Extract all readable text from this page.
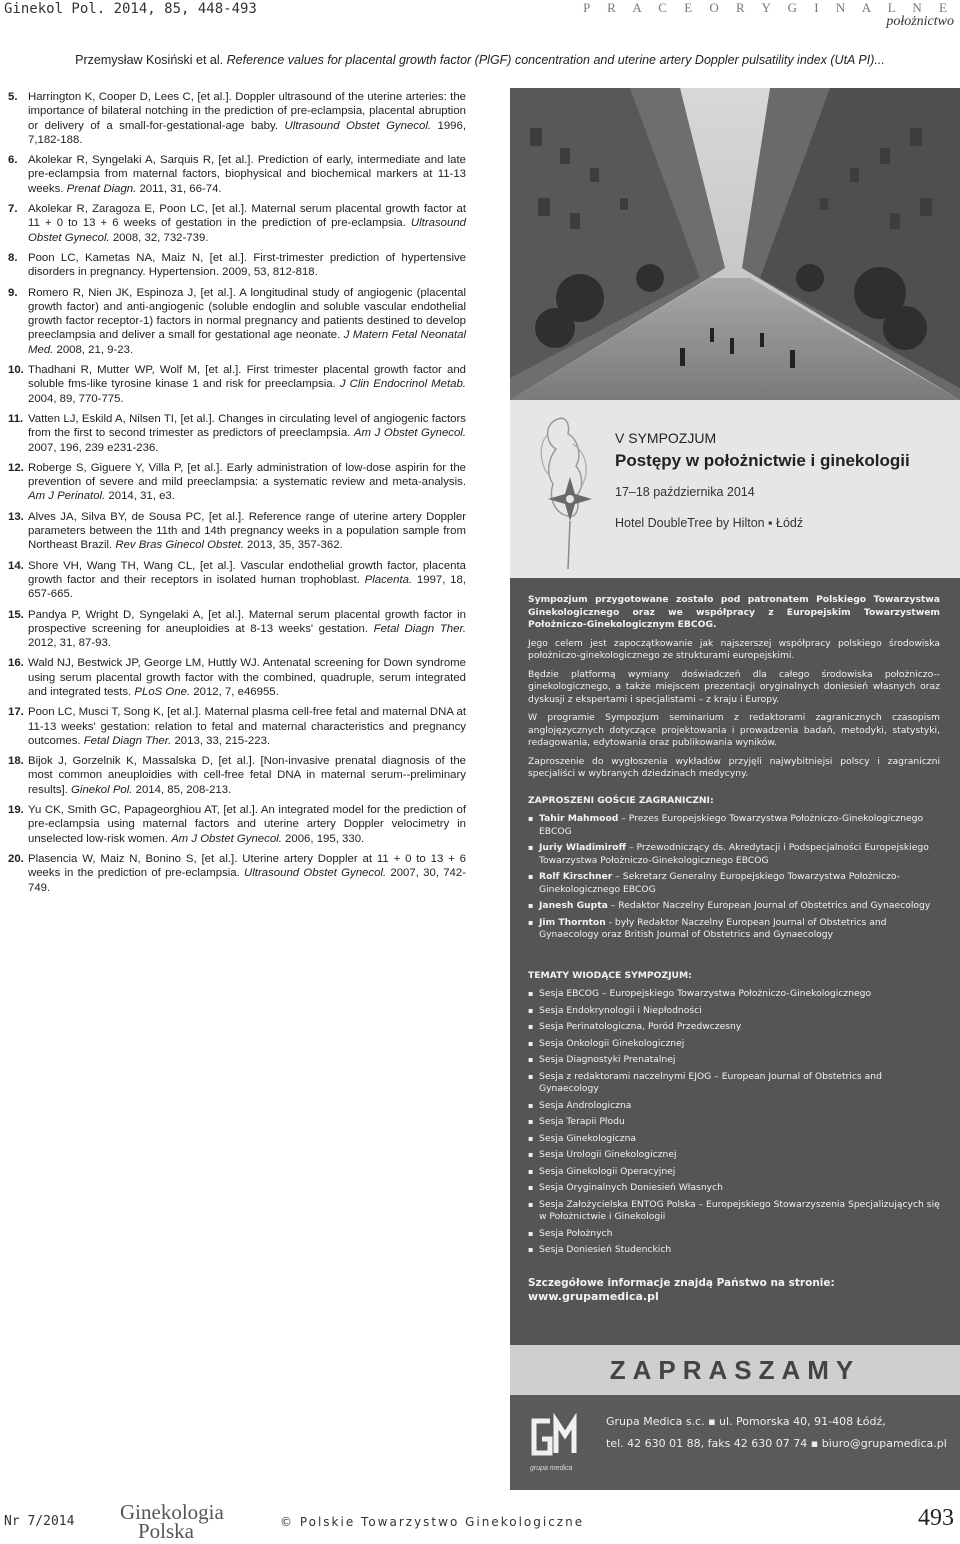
Ginekol Pol. 2014, 85, 448-493	P R A C E O R Y G I N A L N E
położnictwo
Przemysław Kosiński et al. Reference values for placental growth factor (PlGF) concentration and uterine artery Doppler pulsatility index (UtA PI)...
5. Harrington K, Cooper D, Lees C, [et al.]. Doppler ultrasound of the uterine arteries: the importance of bilateral notching in the prediction of pre-eclampsia, placental abruption or delivery of a small-for-gestational-age baby. Ultrasound Obstet Gynecol. 1996, 7,182-188.
6. Akolekar R, Syngelaki A, Sarquis R, [et al.]. Prediction of early, intermediate and late pre-eclampsia from maternal factors, biophysical and biochemical markers at 11-13 weeks. Prenat Diagn. 2011, 31, 66-74.
7. Akolekar R, Zaragoza E, Poon LC, [et al.]. Maternal serum placental growth factor at 11 + 0 to 13 + 6 weeks of gestation in the prediction of pre-eclampsia. Ultrasound Obstet Gynecol. 2008, 32, 732-739.
8. Poon LC, Kametas NA, Maiz N, [et al.]. First-trimester prediction of hypertensive disorders in pregnancy. Hypertension. 2009, 53, 812-818.
9. Romero R, Nien JK, Espinoza J, [et al.]. A longitudinal study of angiogenic (placental growth factor) and anti-angiogenic (soluble endoglin and soluble vascular endothelial growth factor receptor-1) factors in normal pregnancy and patients destined to develop preeclampsia and deliver a small for gestational age neonate. J Matern Fetal Neonatal Med. 2008, 21, 9-23.
10. Thadhani R, Mutter WP, Wolf M, [et al.]. First trimester placental growth factor and soluble fms-like tyrosine kinase 1 and risk for preeclampsia. J Clin Endocrinol Metab. 2004, 89, 770-775.
11. Vatten LJ, Eskild A, Nilsen TI, [et al.]. Changes in circulating level of angiogenic factors from the first to second trimester as predictors of preeclampsia. Am J Obstet Gynecol. 2007, 196, 239 e231-236.
12. Roberge S, Giguere Y, Villa P, [et al.]. Early administration of low-dose aspirin for the prevention of severe and mild preeclampsia: a systematic review and meta-analysis. Am J Perinatol. 2014, 31, e3.
13. Alves JA, Silva BY, de Sousa PC, [et al.]. Reference range of uterine artery Doppler parameters between the 11th and 14th pregnancy weeks in a population sample from Northeast Brazil. Rev Bras Ginecol Obstet. 2013, 35, 357-362.
14. Shore VH, Wang TH, Wang CL, [et al.]. Vascular endothelial growth factor, placenta growth factor and their receptors in isolated human trophoblast. Placenta. 1997, 18, 657-665.
15. Pandya P, Wright D, Syngelaki A, [et al.]. Maternal serum placental growth factor in prospective screening for aneuploidies at 8-13 weeks' gestation. Fetal Diagn Ther. 2012, 31, 87-93.
16. Wald NJ, Bestwick JP, George LM, Huttly WJ. Antenatal screening for Down syndrome using serum placental growth factor with the combined, quadruple, serum integrated and integrated tests. PLoS One. 2012, 7, e46955.
17. Poon LC, Musci T, Song K, [et al.]. Maternal plasma cell-free fetal and maternal DNA at 11-13 weeks' gestation: relation to fetal and maternal characteristics and pregnancy outcomes. Fetal Diagn Ther. 2013, 33, 215-223.
18. Bijok J, Gorzelnik K, Massalska D, [et al.]. [Non-invasive prenatal diagnosis of the most common aneuploidies with cell-free fetal DNA in maternal serum--preliminary results]. Ginekol Pol. 2014, 85, 208-213.
19. Yu CK, Smith GC, Papageorghiou AT, [et al.]. An integrated model for the prediction of pre-eclampsia using maternal factors and uterine artery Doppler velocimetry in unselected low-risk women. Am J Obstet Gynecol. 2006, 195, 330.
20. Plasencia W, Maiz N, Bonino S, [et al.]. Uterine artery Doppler at 11 + 0 to 13 + 6 weeks in the prediction of pre-eclampsia. Ultrasound Obstet Gynecol. 2007, 30, 742-749.
V SYMPOZJUM
Postępy w położnictwie i ginekologii
17–18 października 2014
Hotel DoubleTree by Hilton ▪ Łódź

Sympozjum przygotowane zostało pod patronatem Polskiego Towarzystwa Ginekologicznego oraz we współpracy z Europejskim Towarzystwem Położniczo-Ginekologicznym EBCOG.

Jego celem jest zapoczątkowanie jak najszerszej współpracy polskiego środowiska położniczo-ginekologicznego ze strukturami europejskimi.

Będzie platformą wymiany doświadczeń dla całego środowiska położniczo--ginekologicznego, a także miejscem prezentacji oryginalnych doniesień własnych oraz dyskusji z ekspertami i specjalistami – z kraju i Europy.

W programie Sympozjum seminarium z redaktorami zagranicznych czasopism anglojęzycznych dotyczące projektowania i prowadzenia badań, metodyki, statystyki, redagowania, edytowania oraz publikowania wyników.

Zaproszenie do wygłoszenia wykładów przyjęli najwybitniejsi polscy i zagraniczni specjaliści w wybranych dziedzinach medycyny.

ZAPROSZENI GOŚCIE ZAGRANICZNI:
▪ Tahir Mahmood – Prezes Europejskiego Towarzystwa Położniczo-Ginekologicznego EBCOG
▪ Juriy Wladimiroff – Przewodniczący ds. Akredytacji i Podspecjalności Europejskiego Towarzystwa Położniczo-Ginekologicznego EBCOG
▪ Rolf Kirschner – Sekretarz Generalny Europejskiego Towarzystwa Położniczo-Ginekologicznego EBCOG
▪ Janesh Gupta – Redaktor Naczelny European Journal of Obstetrics and Gynaecology
▪ Jim Thornton - były Redaktor Naczelny European Journal of Obstetrics and Gynaecology oraz British Journal of Obstetrics and Gynaecology
TEMATY WIODĄCE SYMPOZJUM:
▪ Sesja EBCOG – Europejskiego Towarzystwa Położniczo-Ginekologicznego
▪ Sesja Endokrynologii i Niepłodności
▪ Sesja Perinatologiczna, Poród Przedwczesny
▪ Sesja Onkologii Ginekologicznej
▪ Sesja Diagnostyki Prenatalnej
▪ Sesja z redaktorami naczelnymi EJOG – European Journal of Obstetrics and Gynaecology
▪ Sesja Andrologiczna
▪ Sesja Terapii Płodu
▪ Sesja Ginekologiczna
▪ Sesja Urologii Ginekologicznej
▪ Sesja Ginekologii Operacyjnej
▪ Sesja Oryginalnych Doniesień Własnych
▪ Sesja Założycielska ENTOG Polska – Europejskiego Stowarzyszenia Specjalizujących się w Położnictwie i Ginekologii
▪ Sesja Położnych
▪ Sesja Doniesień Studenckich

Szczegółowe informacje znajdą Państwo na stronie:

www.grupamedica.pl

ZAPRASZAMY
grupa medica
Grupa Medica s.c. ▪ ul. Pomorska 40, 91-408 Łódź,
tel. 42 630 01 88, faks 42 630 07 74 ▪ biuro@grupamedica.pl
Nr 7/2014 Ginekologia
Polska	© Polskie Towarzystwo Ginekologiczne	493
